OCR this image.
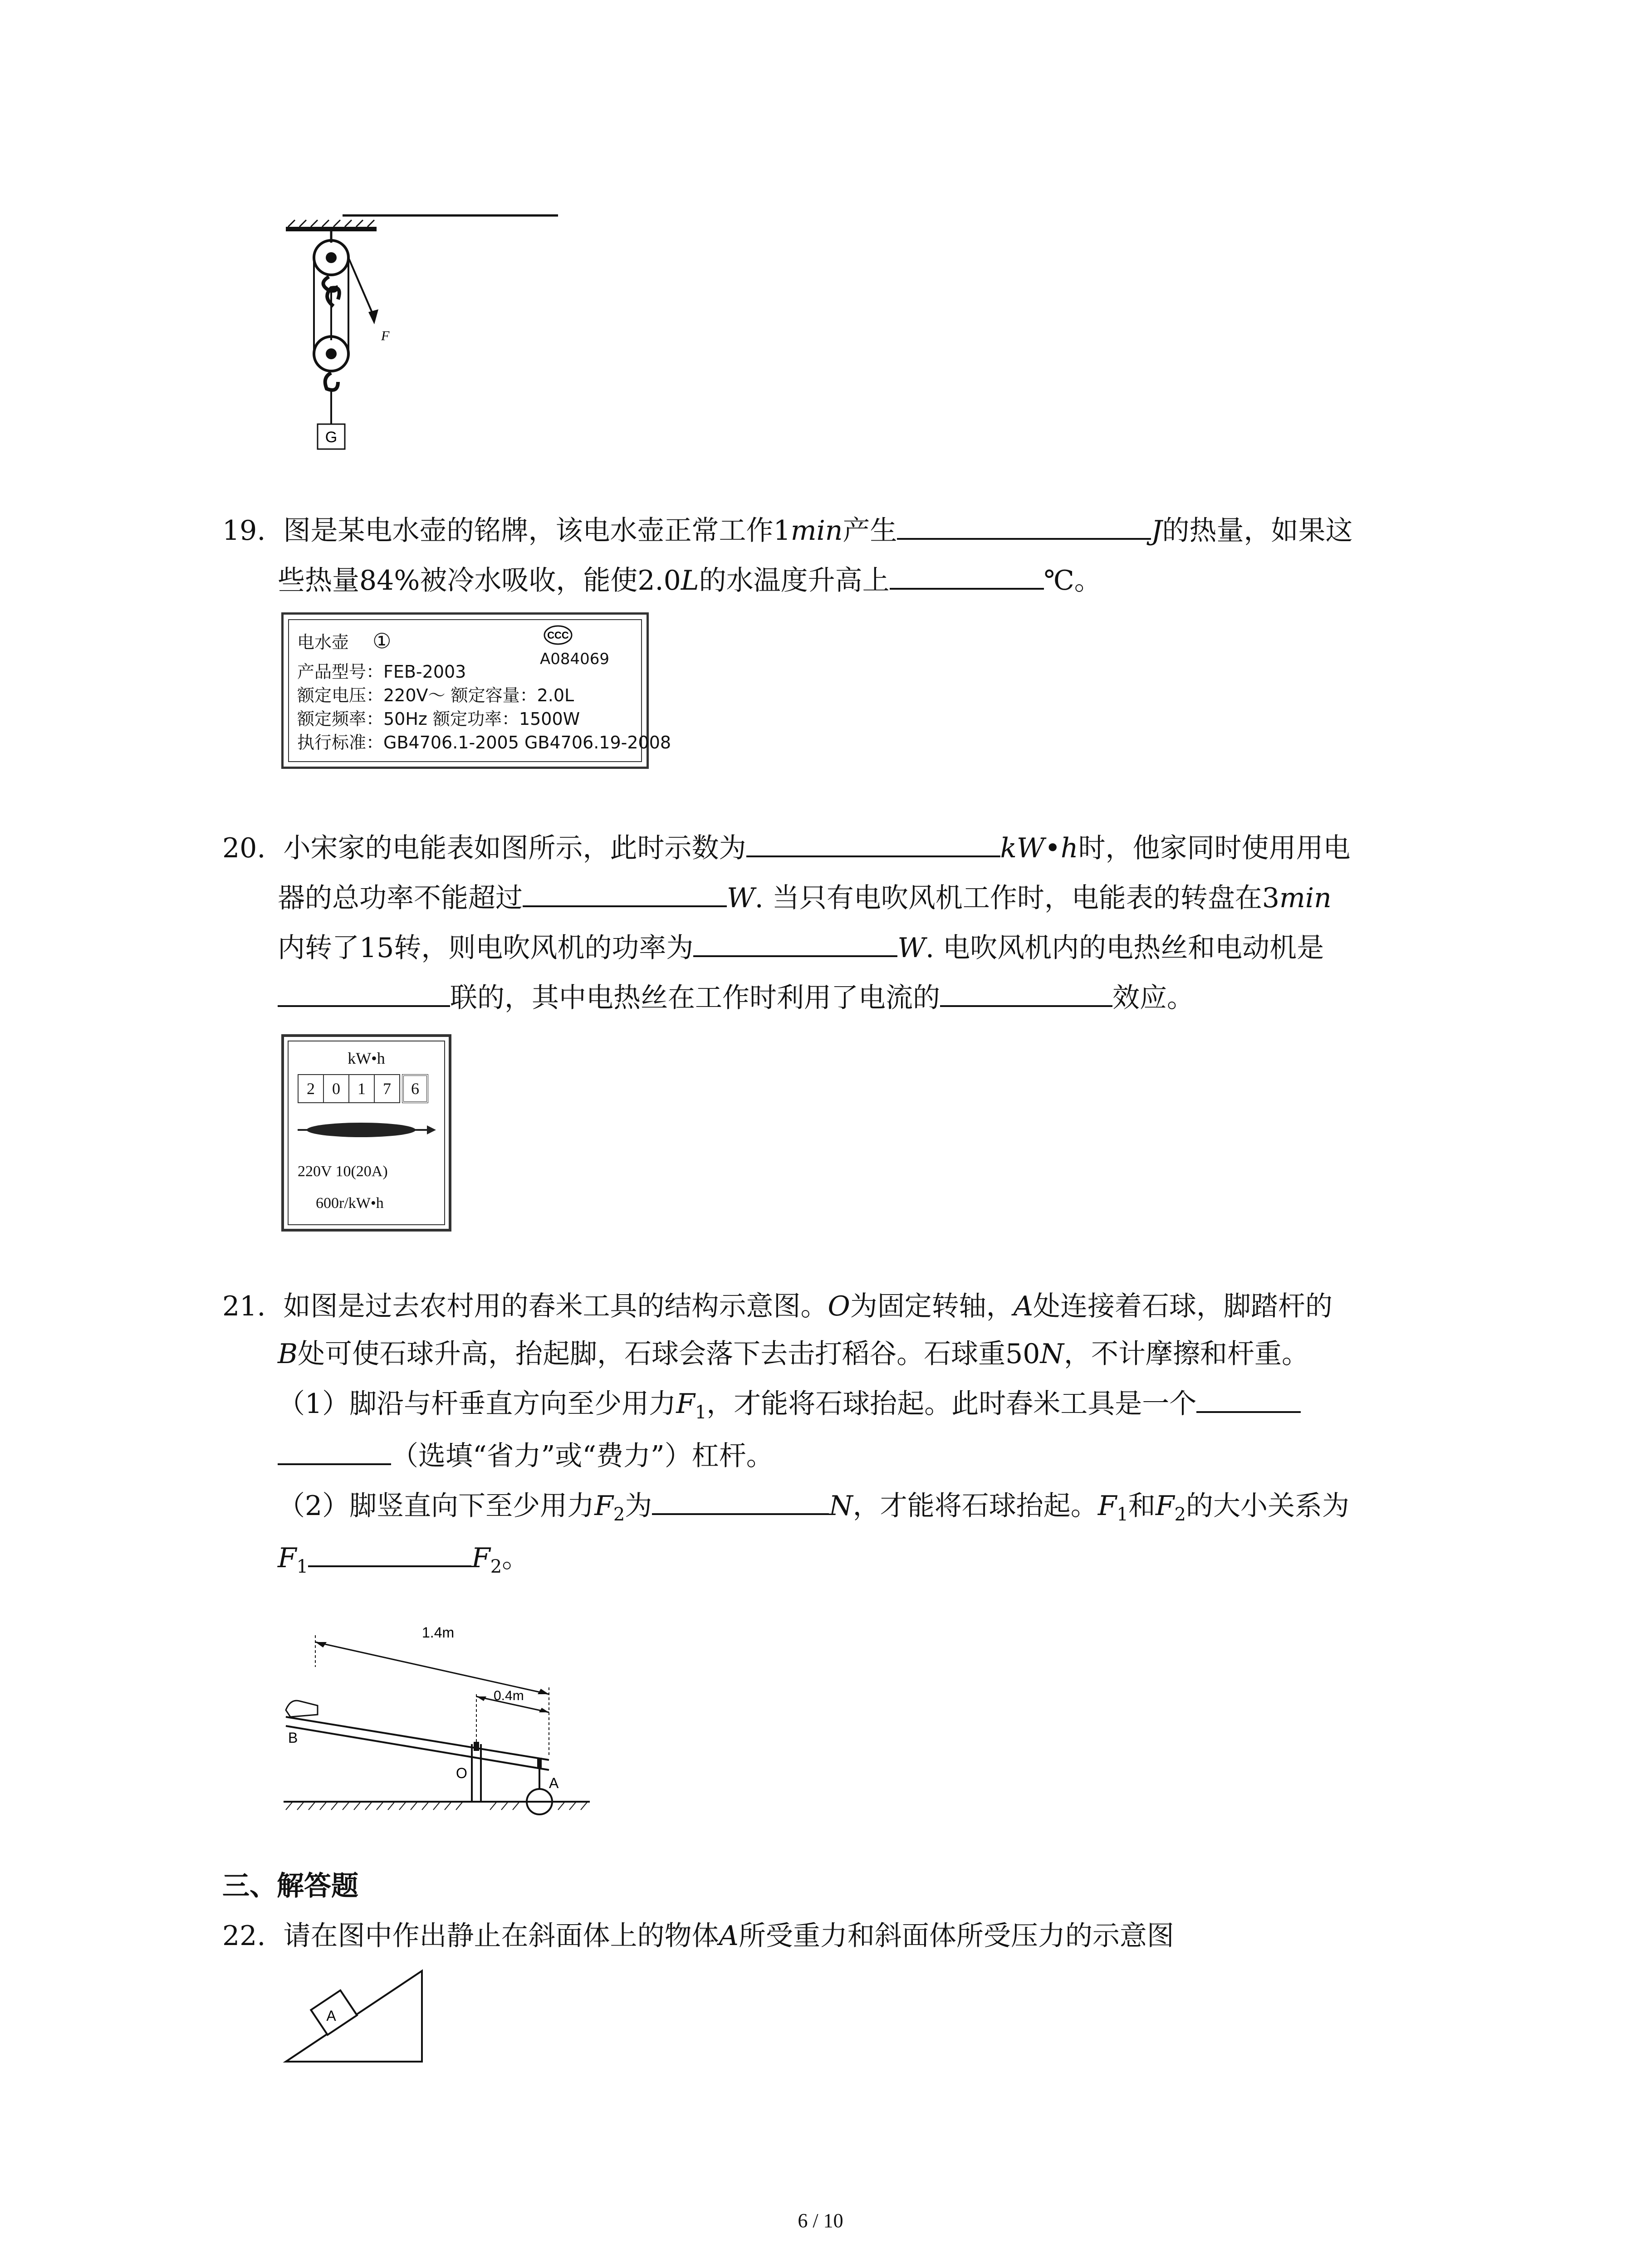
F
G
19. 图是某电水壶的铭牌，该电水壶正常工作1min产生	J的热量，如果这
些热量84%被冷水吸收，能使2.0L的水温度升高上	℃。
电水壶 ①	CCC
A084069
产品型号：FEB-2003
额定电压：220V～ 额定容量：2.0L
额定频率：50Hz 额定功率：1500W
执行标准：GB4706.1-2005 GB4706.19-2008
20. 小宋家的电能表如图所示，此时示数为	kW•h时，他家同时使用用电
器的总功率不能超过	W. 当只有电吹风机工作时，电能表的转盘在3min
内转了15转，则电吹风机的功率为	W. 电吹风机内的电热丝和电动机是
联的，其中电热丝在工作时利用了电流的	效应。
kW•h
2	0	1	7	6
220V 10(20A)
600r/kW•h
21. 如图是过去农村用的舂米工具的结构示意图。O为固定转轴，A处连接着石球，脚踏杆的
B处可使石球升高，抬起脚，石球会落下去击打稻谷。石球重50N，不计摩擦和杆重。
（1）脚沿与杆垂直方向至少用力$F_1$，才能将石球抬起。此时舂米工具是一个
（选填“省力”或“费力”）杠杆。
（2）脚竖直向下至少用力$F_2$为	N，才能将石球抬起。$F_1$和$F_2$的大小关系为
$F_1$	$F_2$。
1.4m
0.4m
B
O
A
三、解答题
22. 请在图中作出静止在斜面体上的物体A所受重力和斜面体所受压力的示意图
A
6 / 10
